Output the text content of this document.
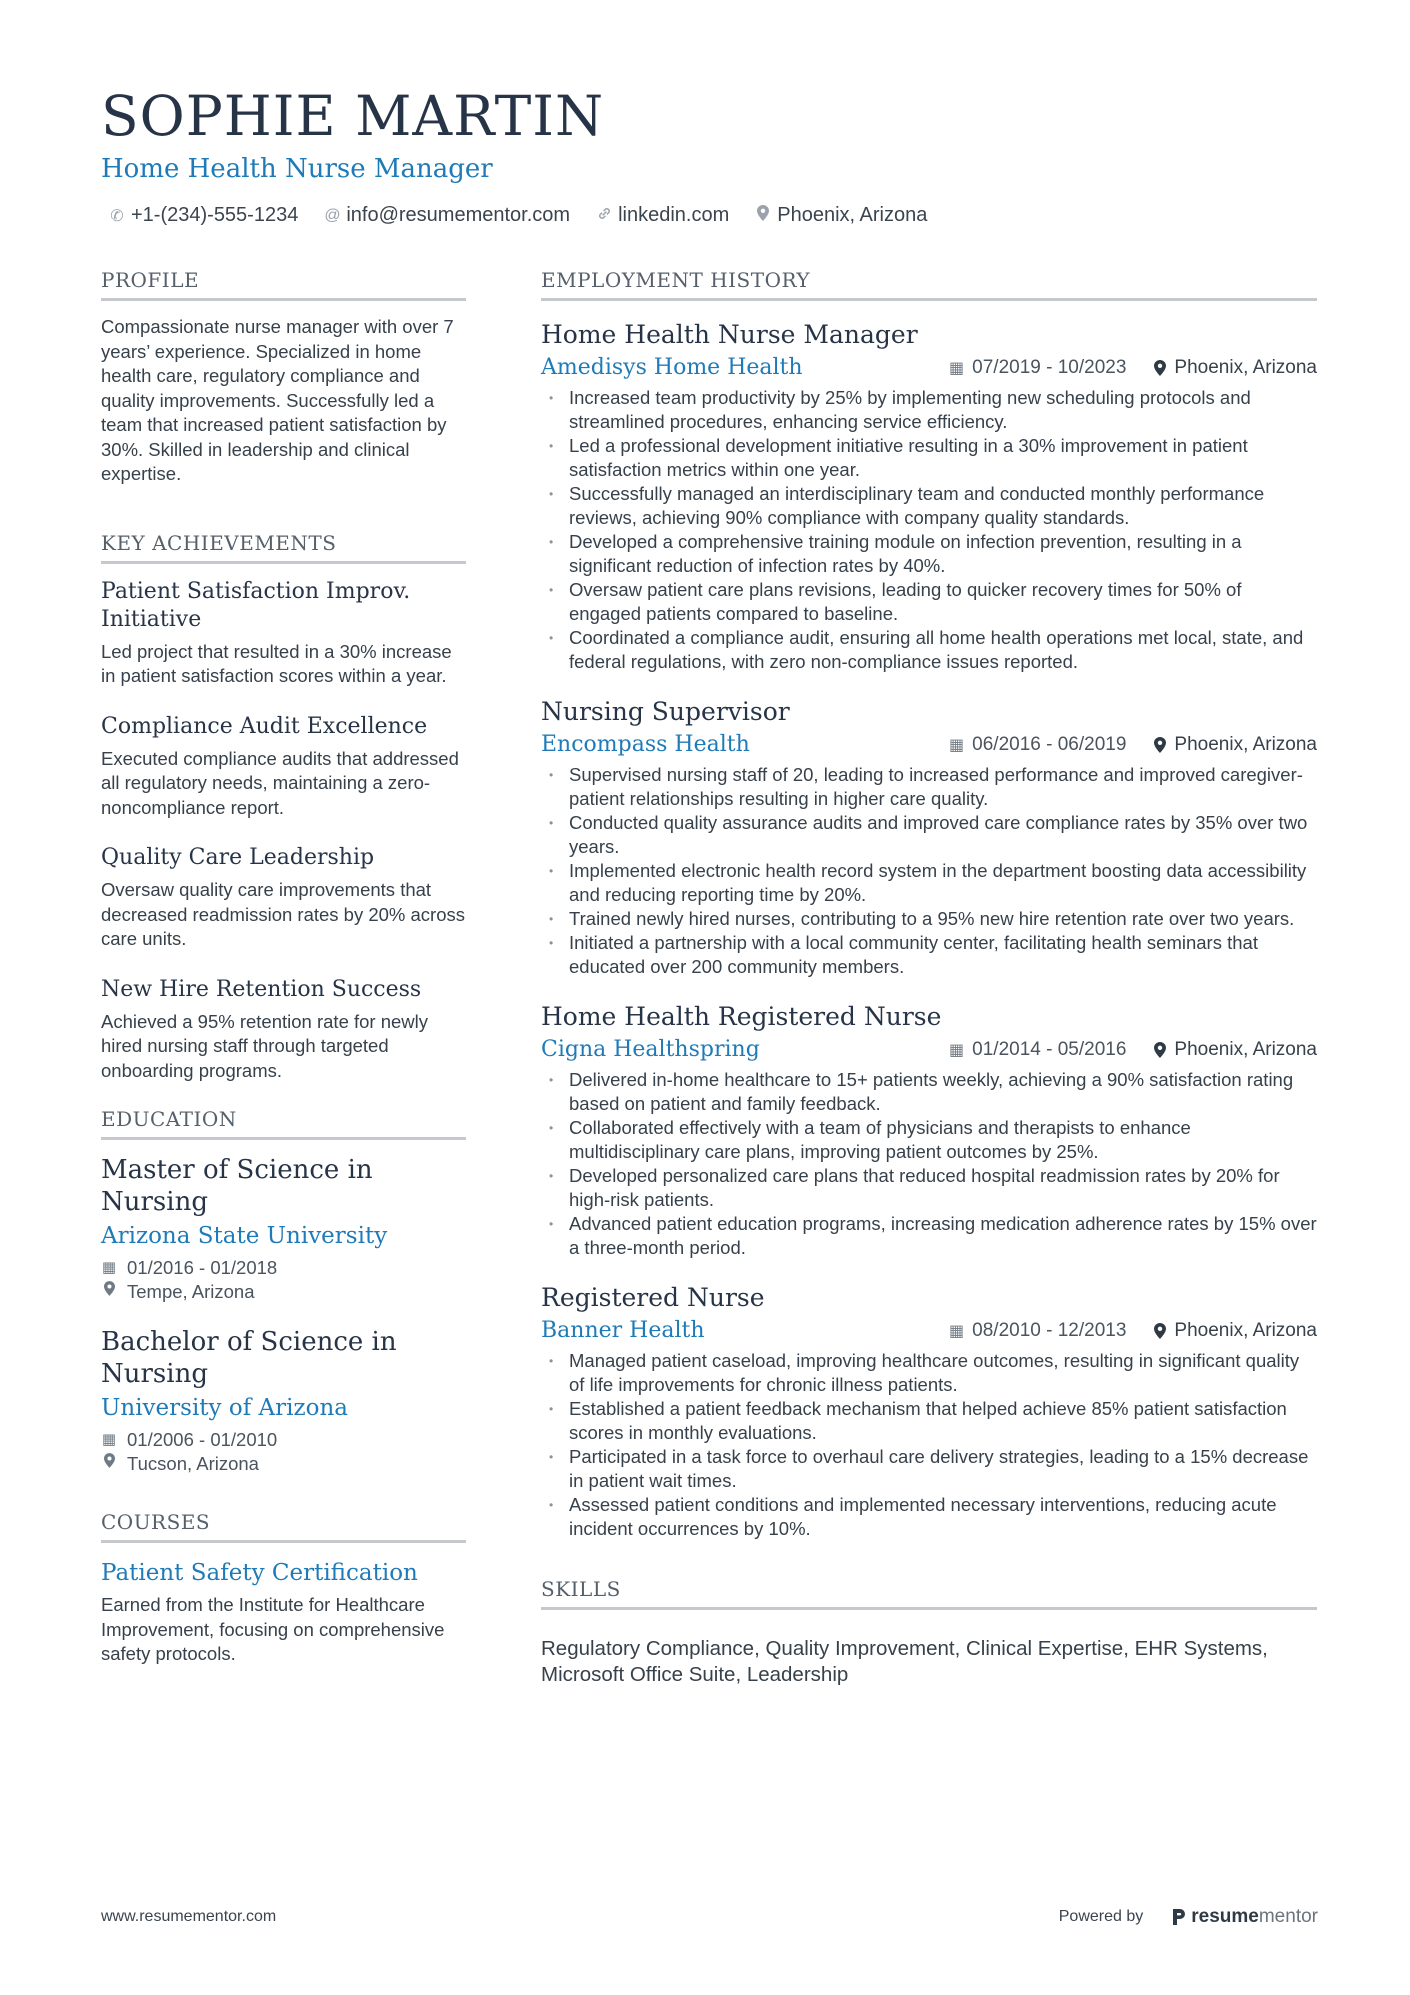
SOPHIE MARTIN
Home Health Nurse Manager
✆ +1-(234)-555-1234 @ info@resumementor.com linkedin.com Phoenix, Arizona
PROFILE
Compassionate nurse manager with over 7 years’ experience. Specialized in home health care, regulatory compliance and quality improvements. Successfully led a team that increased patient satisfaction by 30%. Skilled in leadership and clinical expertise.
KEY ACHIEVEMENTS
Patient Satisfaction Improv. Initiative
Led project that resulted in a 30% increase in patient satisfaction scores within a year.
Compliance Audit Excellence
Executed compliance audits that addressed all regulatory needs, maintaining a zero-noncompliance report.
Quality Care Leadership
Oversaw quality care improvements that decreased readmission rates by 20% across care units.
New Hire Retention Success
Achieved a 95% retention rate for newly hired nursing staff through targeted onboarding programs.
EDUCATION
Master of Science in Nursing
Arizona State University
▦ 01/2016 - 01/2018
Tempe, Arizona
Bachelor of Science in Nursing
University of Arizona
▦ 01/2006 - 01/2010
Tucson, Arizona
COURSES
Patient Safety Certification
Earned from the Institute for Healthcare Improvement, focusing on comprehensive safety protocols.
EMPLOYMENT HISTORY
Home Health Nurse Manager
Amedisys Home Health	▦ 07/2019 - 10/2023	Phoenix, Arizona
• Increased team productivity by 25% by implementing new scheduling protocols and streamlined procedures, enhancing service efficiency.
• Led a professional development initiative resulting in a 30% improvement in patient satisfaction metrics within one year.
• Successfully managed an interdisciplinary team and conducted monthly performance reviews, achieving 90% compliance with company quality standards.
• Developed a comprehensive training module on infection prevention, resulting in a significant reduction of infection rates by 40%.
• Oversaw patient care plans revisions, leading to quicker recovery times for 50% of engaged patients compared to baseline.
• Coordinated a compliance audit, ensuring all home health operations met local, state, and federal regulations, with zero non-compliance issues reported.
Nursing Supervisor
Encompass Health	▦ 06/2016 - 06/2019	Phoenix, Arizona
• Supervised nursing staff of 20, leading to increased performance and improved caregiver-patient relationships resulting in higher care quality.
• Conducted quality assurance audits and improved care compliance rates by 35% over two years.
• Implemented electronic health record system in the department boosting data accessibility and reducing reporting time by 20%.
• Trained newly hired nurses, contributing to a 95% new hire retention rate over two years.
• Initiated a partnership with a local community center, facilitating health seminars that educated over 200 community members.
Home Health Registered Nurse
Cigna Healthspring	▦ 01/2014 - 05/2016	Phoenix, Arizona
• Delivered in-home healthcare to 15+ patients weekly, achieving a 90% satisfaction rating based on patient and family feedback.
• Collaborated effectively with a team of physicians and therapists to enhance multidisciplinary care plans, improving patient outcomes by 25%.
• Developed personalized care plans that reduced hospital readmission rates by 20% for high-risk patients.
• Advanced patient education programs, increasing medication adherence rates by 15% over a three-month period.
Registered Nurse
Banner Health	▦ 08/2010 - 12/2013	Phoenix, Arizona
• Managed patient caseload, improving healthcare outcomes, resulting in significant quality of life improvements for chronic illness patients.
• Established a patient feedback mechanism that helped achieve 85% patient satisfaction scores in monthly evaluations.
• Participated in a task force to overhaul care delivery strategies, leading to a 15% decrease in patient wait times.
• Assessed patient conditions and implemented necessary interventions, reducing acute incident occurrences by 10%.
SKILLS
Regulatory Compliance, Quality Improvement, Clinical Expertise, EHR Systems, Microsoft Office Suite, Leadership
www.resumementor.com	Powered by	resume mentor
